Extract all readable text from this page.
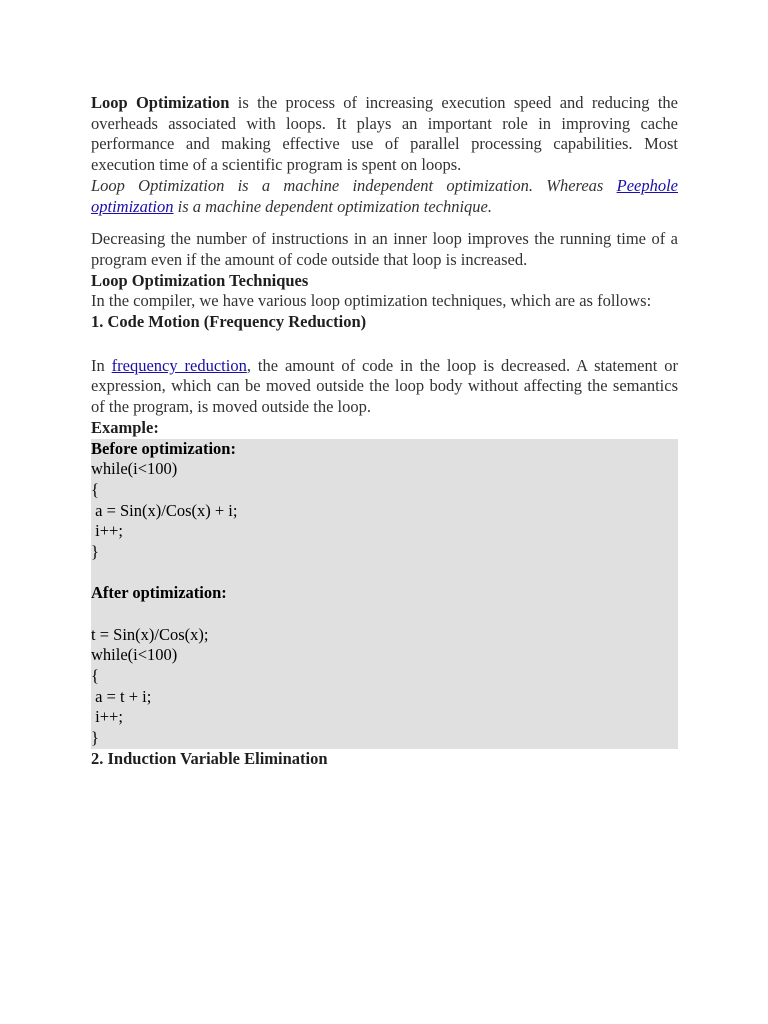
Loop Optimization is the process of increasing execution speed and reducing the overheads associated with loops. It plays an important role in improving cache performance and making effective use of parallel processing capabilities. Most execution time of a scientific program is spent on loops.
Loop Optimization is a machine independent optimization. Whereas Peephole optimization is a machine dependent optimization technique.

Decreasing the number of instructions in an inner loop improves the running time of a program even if the amount of code outside that loop is increased.

Loop Optimization Techniques

In the compiler, we have various loop optimization techniques, which are as follows:

1. Code Motion (Frequency Reduction)

In frequency reduction, the amount of code in the loop is decreased. A statement or expression, which can be moved outside the loop body without affecting the semantics of the program, is moved outside the loop.

Example:

Before optimization:
while(i<100)
{
a = Sin(x)/Cos(x) + i;
i++;
}
After optimization:
t = Sin(x)/Cos(x);
while(i<100)
{
a = t + i;
i++;
}

2. Induction Variable Elimination
